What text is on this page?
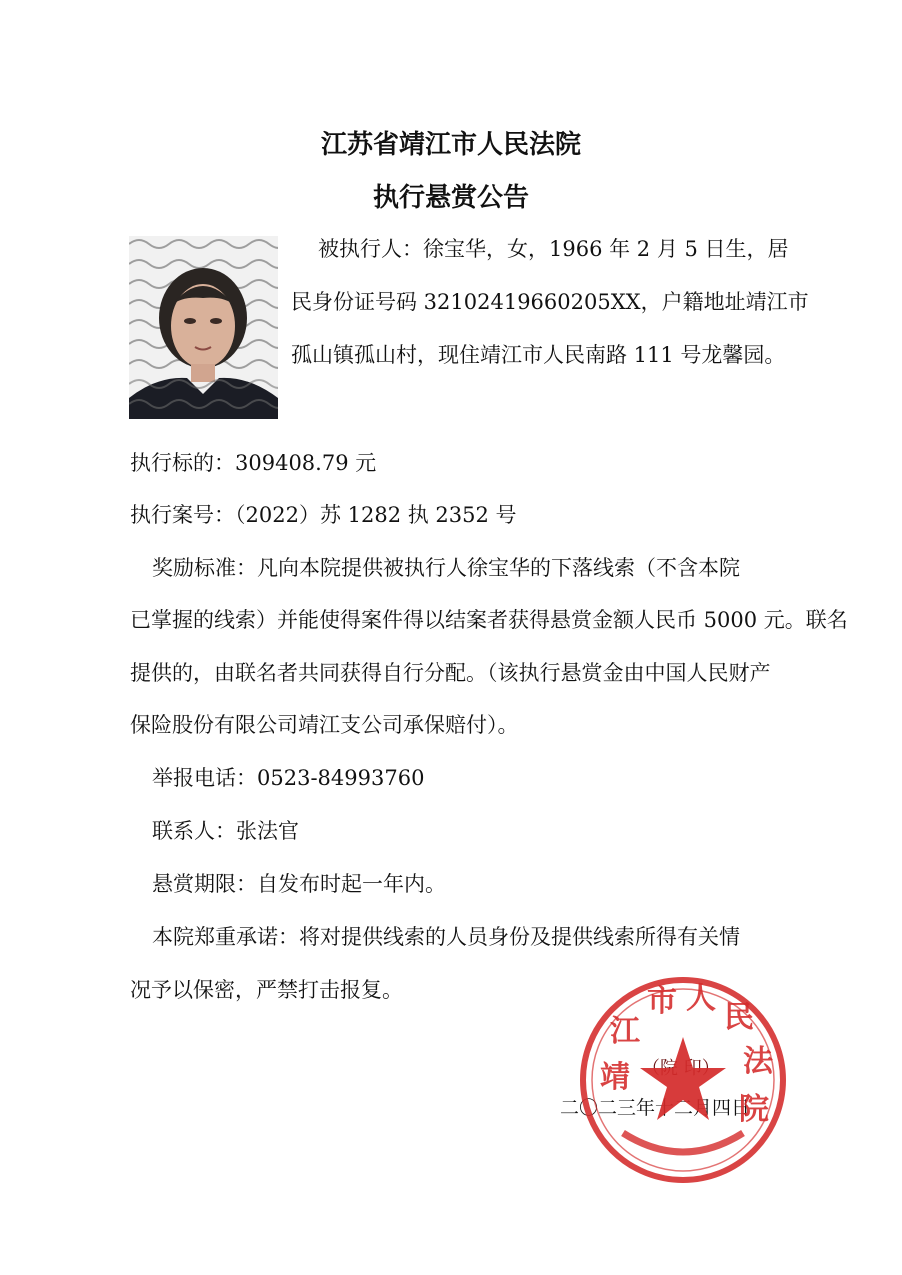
江苏省靖江市人民法院
执行悬赏公告
被执行人：徐宝华，女，1966 年 2 月 5 日生，居
民身份证号码 32102419660205XX，户籍地址靖江市
孤山镇孤山村，现住靖江市人民南路 111 号龙馨园。
执行标的：309408.79 元
执行案号：（2022）苏 1282 执 2352 号
奖励标准：凡向本院提供被执行人徐宝华的下落线索（不含本院
已掌握的线索）并能使得案件得以结案者获得悬赏金额人民币 5000 元。联名
提供的，由联名者共同获得自行分配。（该执行悬赏金由中国人民财产
保险股份有限公司靖江支公司承保赔付）。
举报电话：0523-84993760
联系人：张法官
悬赏期限：自发布时起一年内。
本院郑重承诺：将对提供线索的人员身份及提供线索所得有关情
况予以保密，严禁打击报复。
二〇二三年十二月四日
靖
江
市 人
民
法
院
